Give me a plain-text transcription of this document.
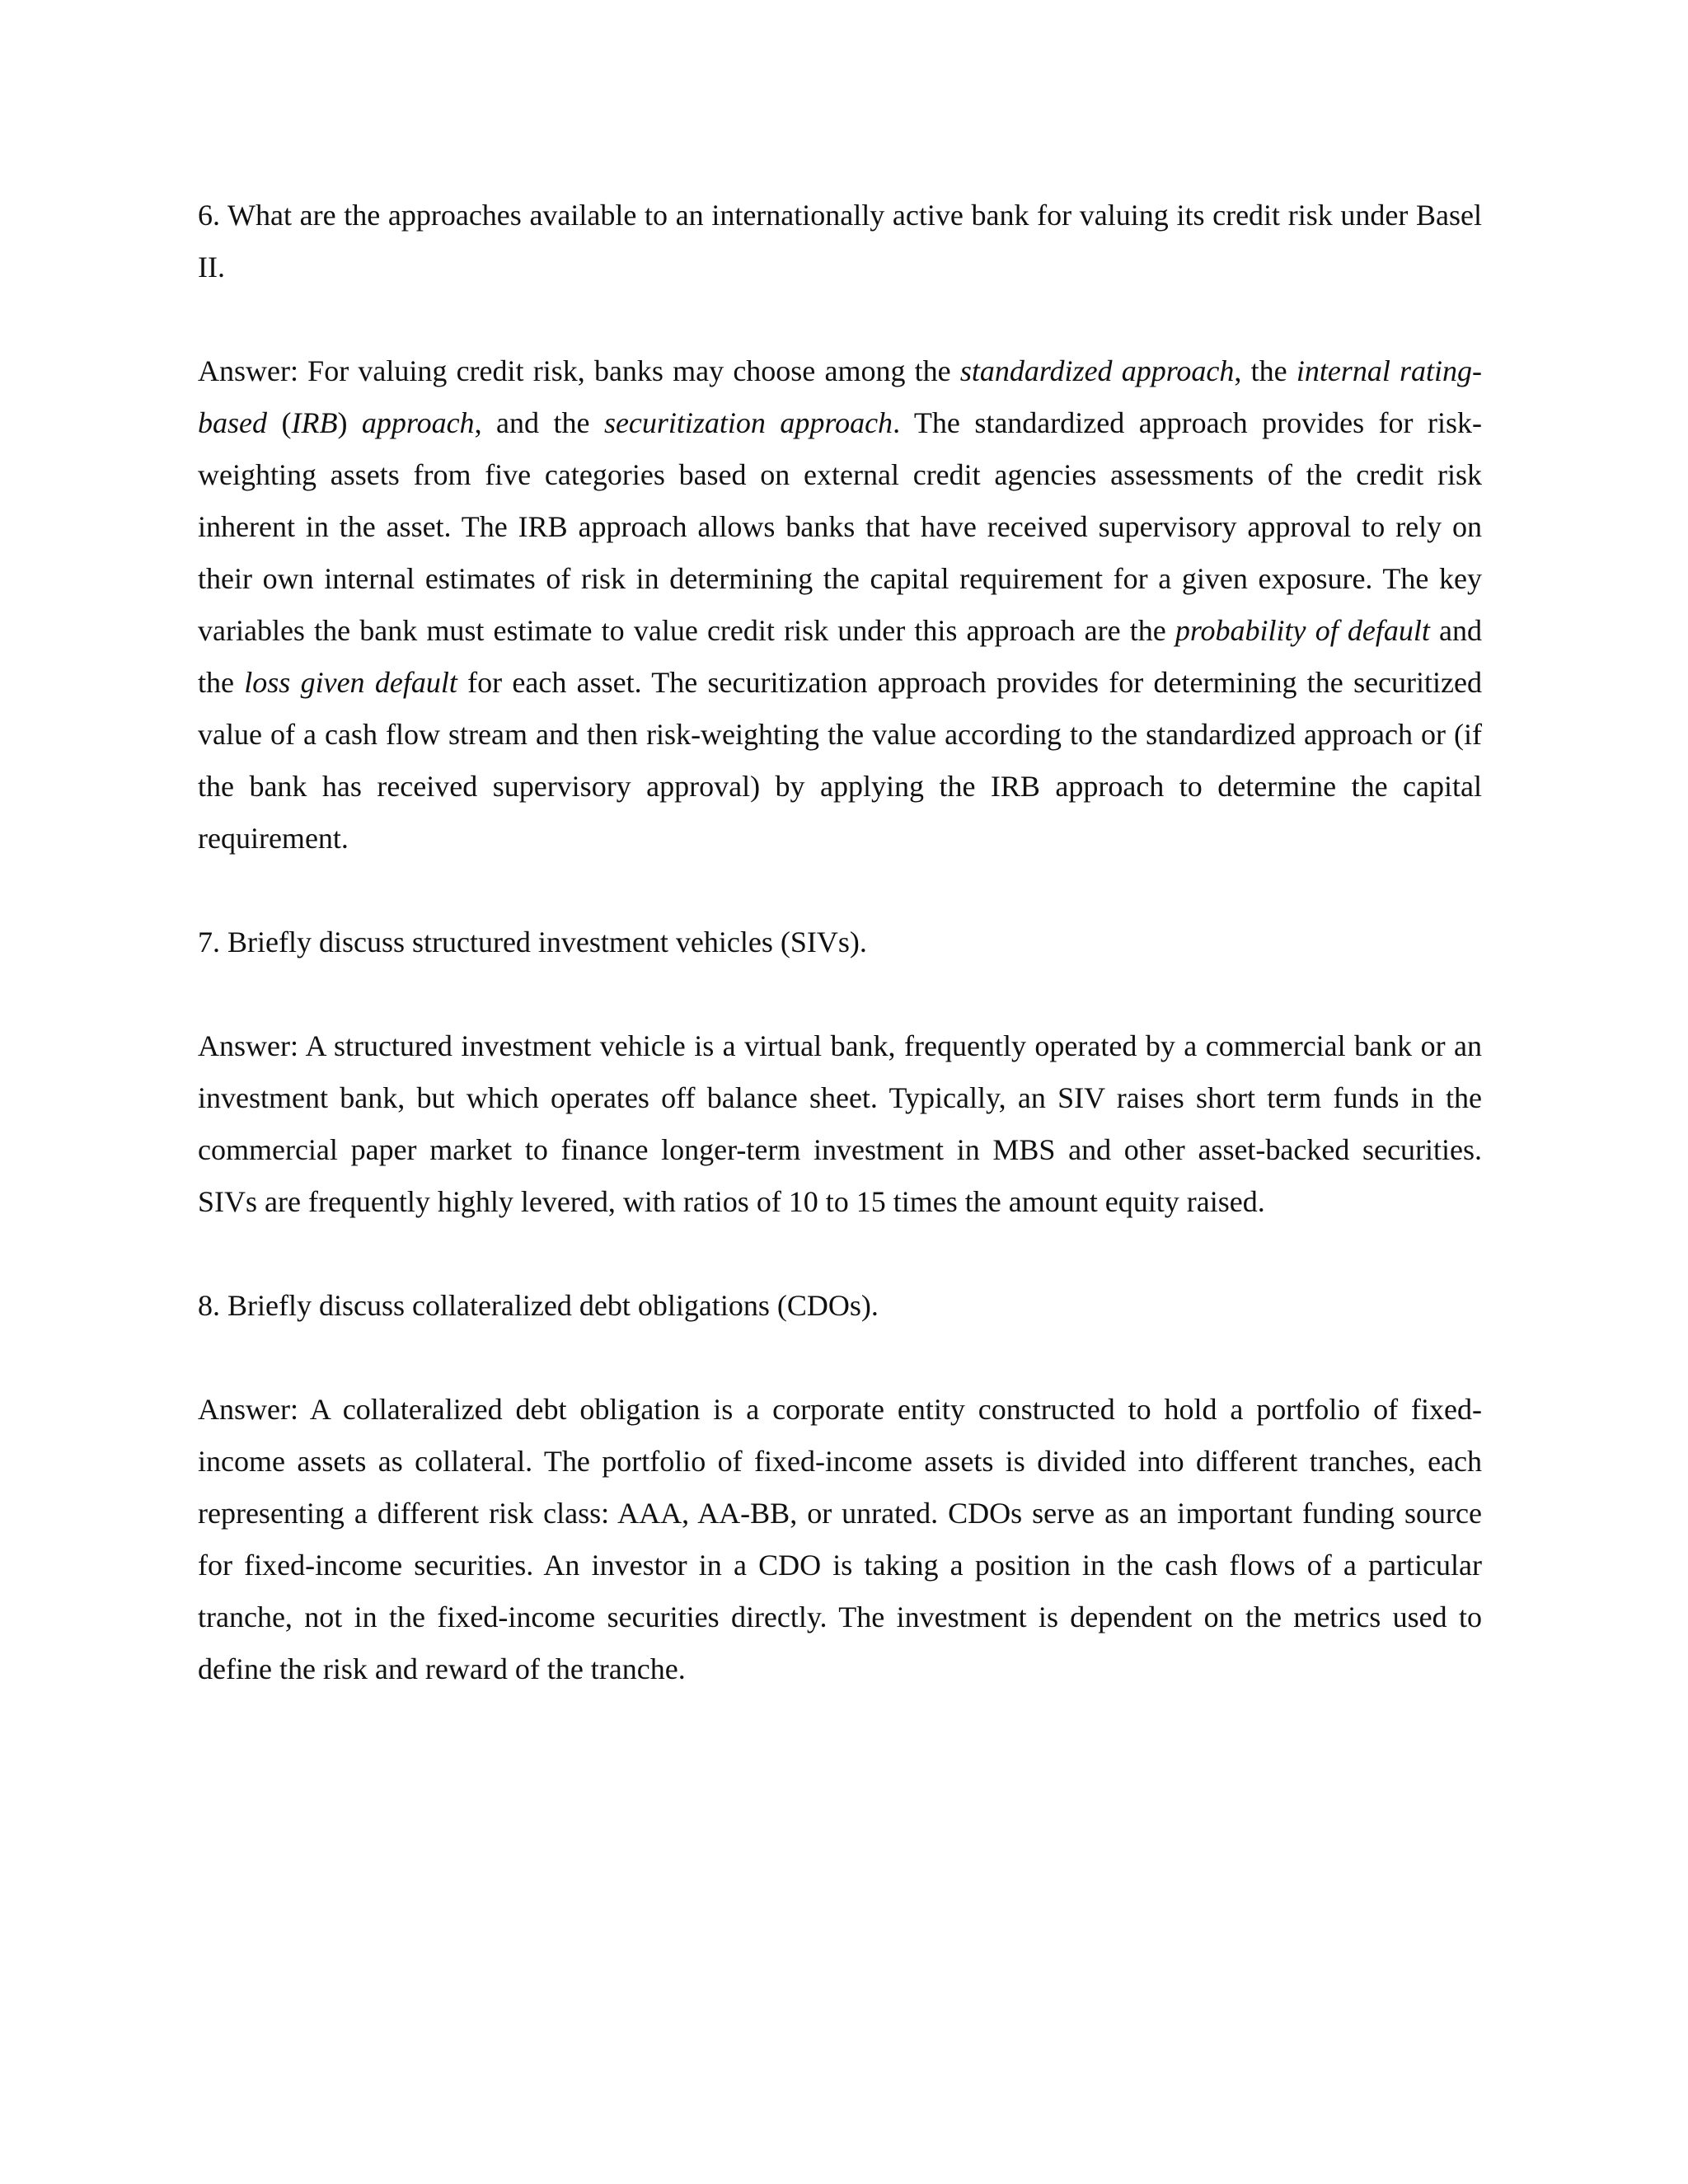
6. What are the approaches available to an internationally active bank for valuing its credit risk under Basel II.

Answer: For valuing credit risk, banks may choose among the standardized approach, the internal rating-based (IRB) approach, and the securitization approach. The standardized approach provides for risk-weighting assets from five categories based on external credit agencies assessments of the credit risk inherent in the asset. The IRB approach allows banks that have received supervisory approval to rely on their own internal estimates of risk in determining the capital requirement for a given exposure. The key variables the bank must estimate to value credit risk under this approach are the probability of default and the loss given default for each asset. The securitization approach provides for determining the securitized value of a cash flow stream and then risk-weighting the value according to the standardized approach or (if the bank has received supervisory approval) by applying the IRB approach to determine the capital requirement.

7. Briefly discuss structured investment vehicles (SIVs).

Answer: A structured investment vehicle is a virtual bank, frequently operated by a commercial bank or an investment bank, but which operates off balance sheet. Typically, an SIV raises short term funds in the commercial paper market to finance longer-term investment in MBS and other asset-backed securities. SIVs are frequently highly levered, with ratios of 10 to 15 times the amount equity raised.

8. Briefly discuss collateralized debt obligations (CDOs).

Answer: A collateralized debt obligation is a corporate entity constructed to hold a portfolio of fixed-income assets as collateral. The portfolio of fixed-income assets is divided into different tranches, each representing a different risk class: AAA, AA-BB, or unrated. CDOs serve as an important funding source for fixed-income securities. An investor in a CDO is taking a position in the cash flows of a particular tranche, not in the fixed-income securities directly. The investment is dependent on the metrics used to define the risk and reward of the tranche.
